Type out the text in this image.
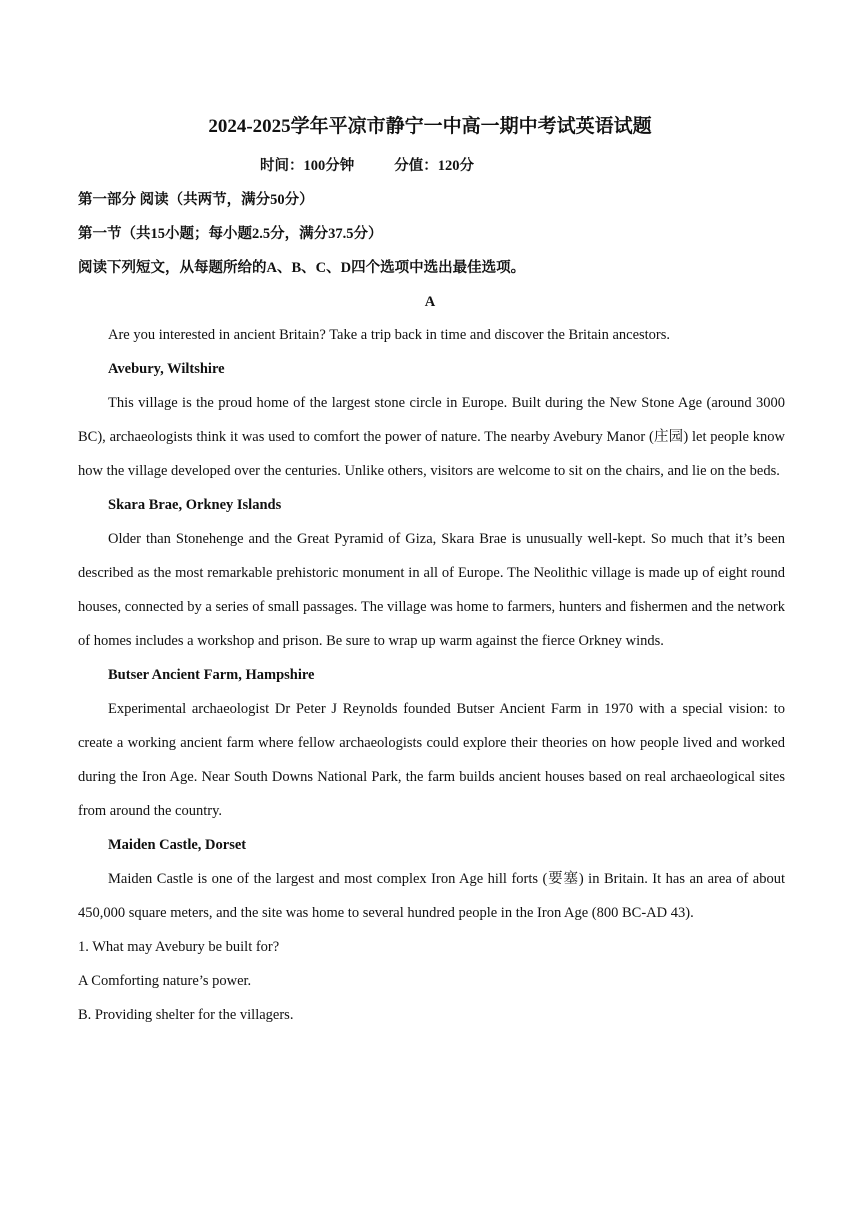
2024-2025学年平凉市静宁一中高一期中考试英语试题
时间：100分钟	分值：120分
第一部分 阅读（共两节，满分50分）
第一节（共15小题；每小题2.5分，满分37.5分）
阅读下列短文，从每题所给的A、B、C、D四个选项中选出最佳选项。
A

Are you interested in ancient Britain? Take a trip back in time and discover the Britain ancestors.

Avebury, Wiltshire

This village is the proud home of the largest stone circle in Europe. Built during the New Stone Age (around 3000 BC), archaeologists think it was used to comfort the power of nature. The nearby Avebury Manor (庄园) let people know how the village developed over the centuries. Unlike others, visitors are welcome to sit on the chairs, and lie on the beds.

Skara Brae, Orkney Islands

Older than Stonehenge and the Great Pyramid of Giza, Skara Brae is unusually well-kept. So much that it’s been described as the most remarkable prehistoric monument in all of Europe. The Neolithic village is made up of eight round houses, connected by a series of small passages. The village was home to farmers, hunters and fishermen and the network of homes includes a workshop and prison. Be sure to wrap up warm against the fierce Orkney winds.

Butser Ancient Farm, Hampshire

Experimental archaeologist Dr Peter J Reynolds founded Butser Ancient Farm in 1970 with a special vision: to create a working ancient farm where fellow archaeologists could explore their theories on how people lived and worked during the Iron Age. Near South Downs National Park, the farm builds ancient houses based on real archaeological sites from around the country.

Maiden Castle, Dorset

Maiden Castle is one of the largest and most complex Iron Age hill forts (要塞) in Britain. It has an area of about 450,000 square meters, and the site was home to several hundred people in the Iron Age (800 BC-AD 43).

1. What may Avebury be built for?

A Comforting nature’s power.

B. Providing shelter for the villagers.
